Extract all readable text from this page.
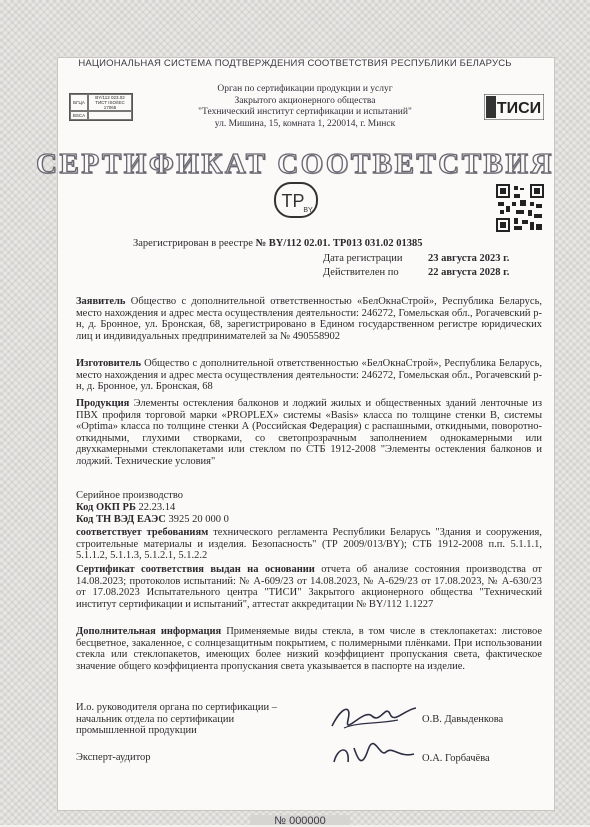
НАЦИОНАЛЬНАЯ СИСТЕМА ПОДТВЕРЖДЕНИЯ СООТВЕТСТВИЯ РЕСПУБЛИКИ БЕЛАРУСЬ
БГЦА
BY/112 023.02 ТИСТ ISO/IEC 17065
BSCA
Орган по сертификации продукции и услуг
Закрытого акционерного общества
"Технический институт сертификации и испытаний"
ул. Мишина, 15, комната 1, 220014, г. Минск
ТИСИ
СЕРТИФИКАТ СООТВЕТСТВИЯ
ТР
BY
Зарегистрирован в реестре № BY/112 02.01. ТР013 031.02 01385
Дата регистрации 23 августа 2023 г.
Действителен по	22 августа 2028 г.
Заявитель Общество с дополнительной ответственностью «БелОкнаСтрой», Республика Беларусь, место нахождения и адрес места осуществления деятельности: 246272, Гомельская обл., Рогачевский р-н, д. Бронное, ул. Бронская, 68, зарегистрировано в Едином государственном регистре юридических лиц и индивидуальных предпринимателей за № 490558902
Изготовитель Общество с дополнительной ответственностью «БелОкнаСтрой», Республика Беларусь, место нахождения и адрес места осуществления деятельности: 246272, Гомельская обл., Рогачевский р-н, д. Бронное, ул. Бронская, 68
Продукция Элементы остекления балконов и лоджий жилых и общественных зданий ленточные из ПВХ профиля торговой марки «PROPLEX» системы «Basis» класса по толщине стенки В, системы «Optima» класса по толщине стенки А (Российская Федерация) с распашными, откидными, поворотно-откидными, глухими створками, со светопрозрачным заполнением однокамерными или двухкамерными стеклопакетами или стеклом по СТБ 1912-2008 "Элементы остекления балконов и лоджий. Технические условия"
Серийное производство
Код ОКП РБ 22.23.14
Код ТН ВЭД ЕАЭС 3925 20 000 0
соответствует требованиям технического регламента Республики Беларусь "Здания и сооружения, строительные материалы и изделия. Безопасность" (ТР 2009/013/BY); СТБ 1912-2008 п.п. 5.1.1.1, 5.1.1.2, 5.1.1.3, 5.1.2.1, 5.1.2.2
Сертификат соответствия выдан на основании отчета об анализе состояния производства от 14.08.2023; протоколов испытаний: № А-609/23 от 14.08.2023, № А-629/23 от 17.08.2023, № А-630/23 от 17.08.2023 Испытательного центра "ТИСИ" Закрытого акционерного общества "Технический институт сертификации и испытаний", аттестат аккредитации № BY/112 1.1227
Дополнительная информация Применяемые виды стекла, в том числе в стеклопакетах: листовое бесцветное, закаленное, с солнцезащитным покрытием, с полимерными плёнками. При использовании стекла или стеклопакетов, имеющих более низкий коэффициент пропускания света, фактическое значение общего коэффициента пропускания света указывается в паспорте на изделие.
И.о. руководителя органа по сертификации –
начальник отдела по сертификации
промышленной продукции
О.В. Давыденкова
Эксперт-аудитор	О.А. Горбачёва
№ 000000
